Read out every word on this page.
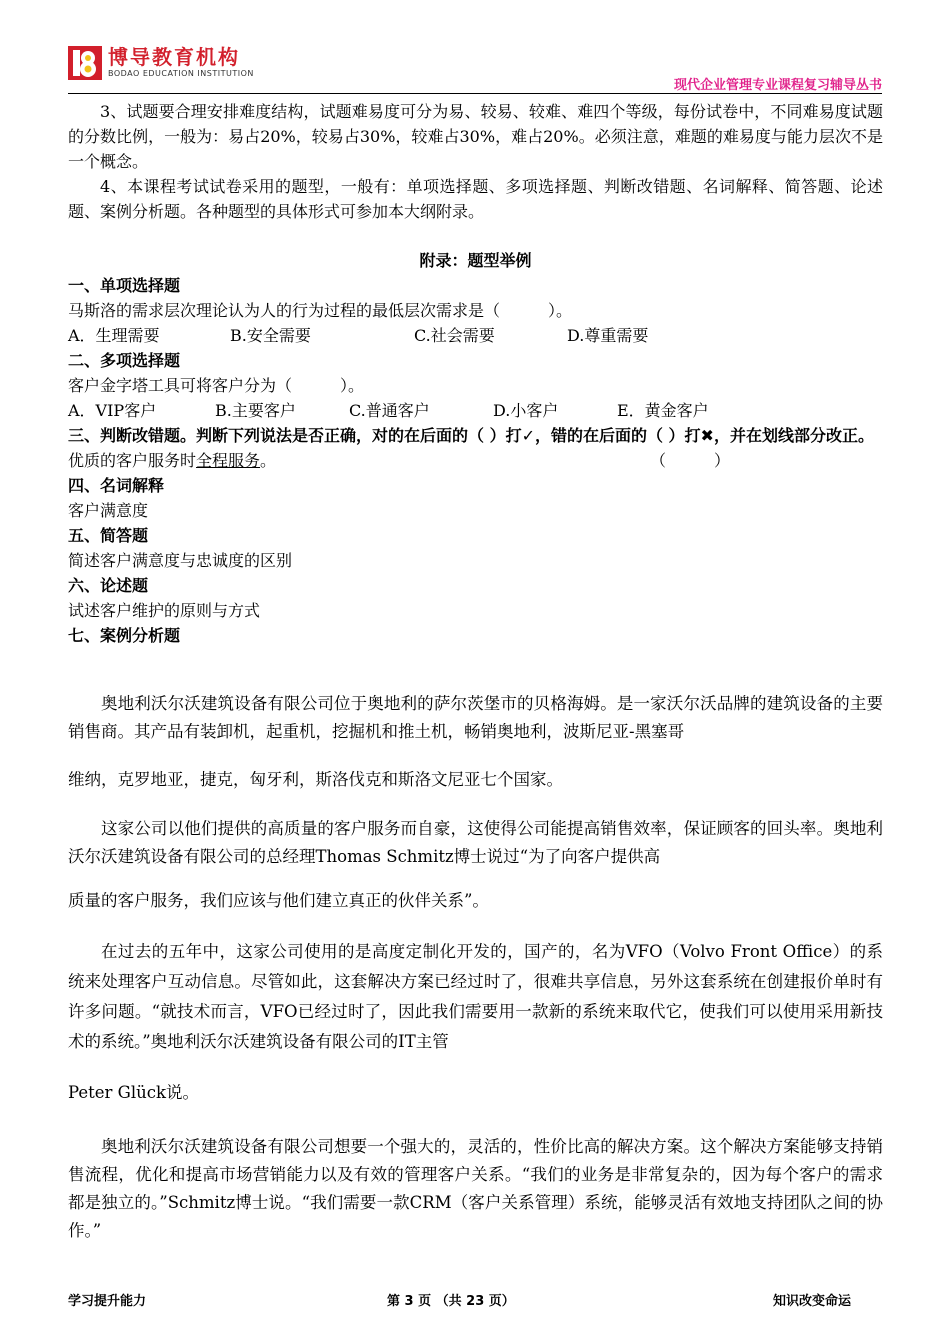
博导教育机构
BODAO EDUCATION INSTITUTION
现代企业管理专业课程复习辅导丛书

3、试题要合理安排难度结构，试题难易度可分为易、较易、较难、难四个等级，每份试卷中，不同难易度试题的分数比例，一般为：易占20%，较易占30%，较难占30%，难占20%。必须注意，难题的难易度与能力层次不是一个概念。

4、本课程考试试卷采用的题型，一般有：单项选择题、多项选择题、判断改错题、名词解释、简答题、论述题、案例分析题。各种题型的具体形式可参加本大纲附录。

附录：题型举例

一、单项选择题

马斯洛的需求层次理论认为人的行为过程的最低层次需求是（　　　）。

A．生理需要	B.安全需要	C.社会需要	D.尊重需要

二、多项选择题

客户金字塔工具可将客户分为（　　　）。

A．VIP客户	B.主要客户	C.普通客户	D.小客户	E．黄金客户

三、判断改错题。判断下列说法是否正确，对的在后面的（ ）打✓，错的在后面的（ ）打✖，并在划线部分改正。

优质的客户服务时全程服务。	（　　　）

四、名词解释

客户满意度

五、简答题

简述客户满意度与忠诚度的区别

六、论述题

试述客户维护的原则与方式

七、案例分析题

奥地利沃尔沃建筑设备有限公司位于奥地利的萨尔茨堡市的贝格海姆。是一家沃尔沃品牌的建筑设备的主要销售商。其产品有装卸机，起重机，挖掘机和推土机，畅销奥地利，波斯尼亚-黑塞哥

维纳，克罗地亚，捷克，匈牙利，斯洛伐克和斯洛文尼亚七个国家。

这家公司以他们提供的高质量的客户服务而自豪，这使得公司能提高销售效率，保证顾客的回头率。奥地利沃尔沃建筑设备有限公司的总经理Thomas Schmitz博士说过“为了向客户提供高

质量的客户服务，我们应该与他们建立真正的伙伴关系”。

在过去的五年中，这家公司使用的是高度定制化开发的，国产的，名为VFO（Volvo Front Office）的系统来处理客户互动信息。尽管如此，这套解决方案已经过时了，很难共享信息，另外这套系统在创建报价单时有许多问题。“就技术而言，VFO已经过时了，因此我们需要用一款新的系统来取代它，使我们可以使用采用新技术的系统。”奥地利沃尔沃建筑设备有限公司的IT主管

Peter Glück说。

奥地利沃尔沃建筑设备有限公司想要一个强大的，灵活的，性价比高的解决方案。这个解决方案能够支持销售流程，优化和提高市场营销能力以及有效的管理客户关系。“我们的业务是非常复杂的，因为每个客户的需求都是独立的。”Schmitz博士说。“我们需要一款CRM（客户关系管理）系统，能够灵活有效地支持团队之间的协作。”

学习提升能力	第 3 页 （共 23 页）	知识改变命运
